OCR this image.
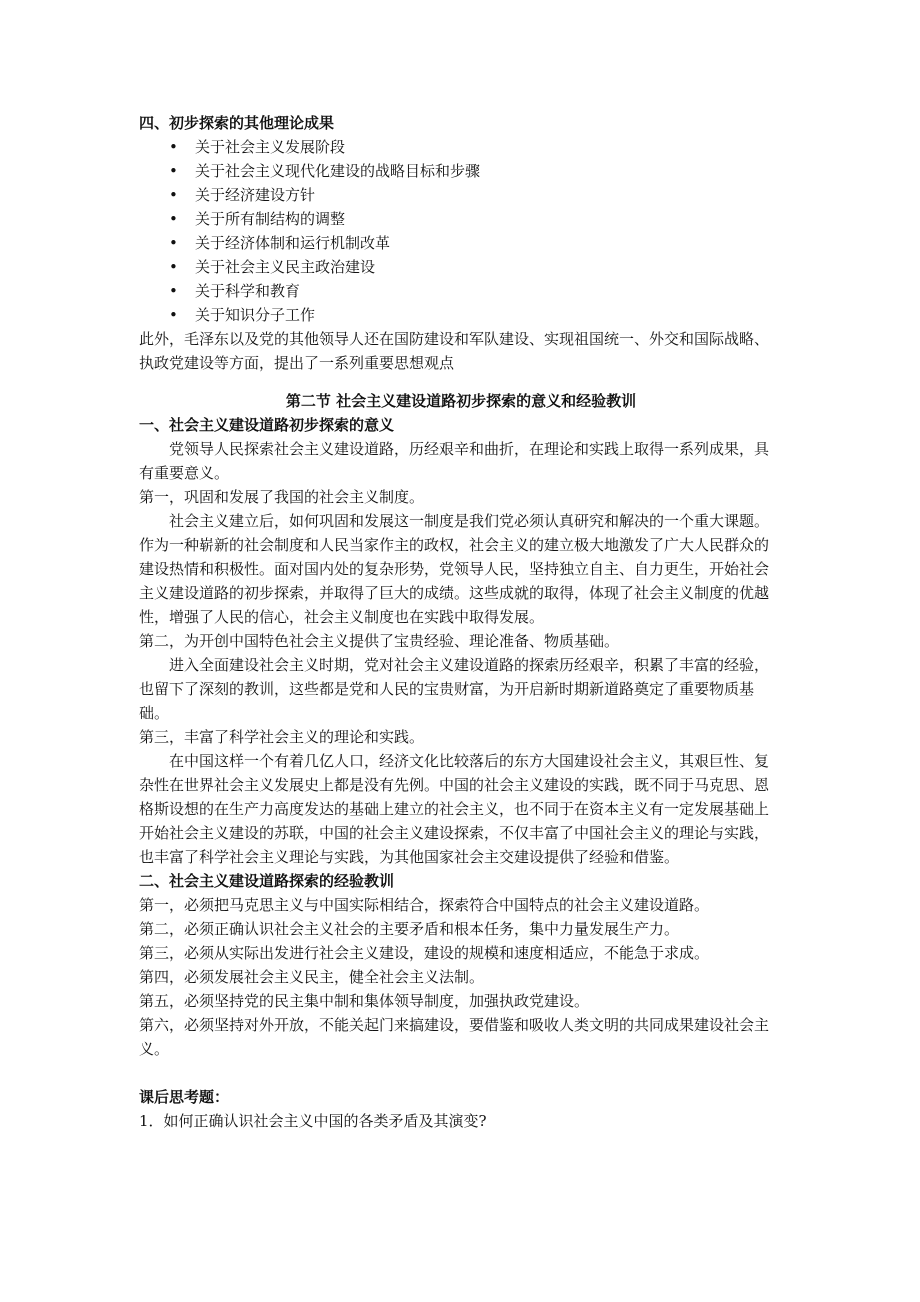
四、初步探索的其他理论成果

• 关于社会主义发展阶段
• 关于社会主义现代化建设的战略目标和步骤
• 关于经济建设方针
• 关于所有制结构的调整
• 关于经济体制和运行机制改革
• 关于社会主义民主政治建设
• 关于科学和教育
• 关于知识分子工作

此外，毛泽东以及党的其他领导人还在国防建设和军队建设、实现祖国统一、外交和国际战略、执政党建设等方面，提出了一系列重要思想观点

第二节 社会主义建设道路初步探索的意义和经验教训

一、社会主义建设道路初步探索的意义

党领导人民探索社会主义建设道路，历经艰辛和曲折，在理论和实践上取得一系列成果，具有重要意义。

第一，巩固和发展了我国的社会主义制度。

社会主义建立后，如何巩固和发展这一制度是我们党必须认真研究和解决的一个重大课题。作为一种崭新的社会制度和人民当家作主的政权，社会主义的建立极大地激发了广大人民群众的建设热情和积极性。面对国内处的复杂形势，党领导人民，坚持独立自主、自力更生，开始社会主义建设道路的初步探索，并取得了巨大的成绩。这些成就的取得，体现了社会主义制度的优越性，增强了人民的信心，社会主义制度也在实践中取得发展。

第二，为开创中国特色社会主义提供了宝贵经验、理论准备、物质基础。

进入全面建设社会主义时期，党对社会主义建设道路的探索历经艰辛，积累了丰富的经验，也留下了深刻的教训，这些都是党和人民的宝贵财富，为开启新时期新道路奠定了重要物质基础。

第三，丰富了科学社会主义的理论和实践。

在中国这样一个有着几亿人口，经济文化比较落后的东方大国建设社会主义，其艰巨性、复杂性在世界社会主义发展史上都是没有先例。中国的社会主义建设的实践，既不同于马克思、恩格斯设想的在生产力高度发达的基础上建立的社会主义，也不同于在资本主义有一定发展基础上开始社会主义建设的苏联，中国的社会主义建设探索，不仅丰富了中国社会主义的理论与实践，也丰富了科学社会主义理论与实践，为其他国家社会主交建设提供了经验和借鉴。

二、社会主义建设道路探索的经验教训

第一，必须把马克思主义与中国实际相结合，探索符合中国特点的社会主义建设道路。

第二，必须正确认识社会主义社会的主要矛盾和根本任务，集中力量发展生产力。

第三，必须从实际出发进行社会主义建设，建设的规模和速度相适应，不能急于求成。

第四，必须发展社会主义民主，健全社会主义法制。

第五，必须坚持党的民主集中制和集体领导制度，加强执政党建设。

第六，必须坚持对外开放，不能关起门来搞建设，要借鉴和吸收人类文明的共同成果建设社会主义。

课后思考题：

1．如何正确认识社会主义中国的各类矛盾及其演变?
